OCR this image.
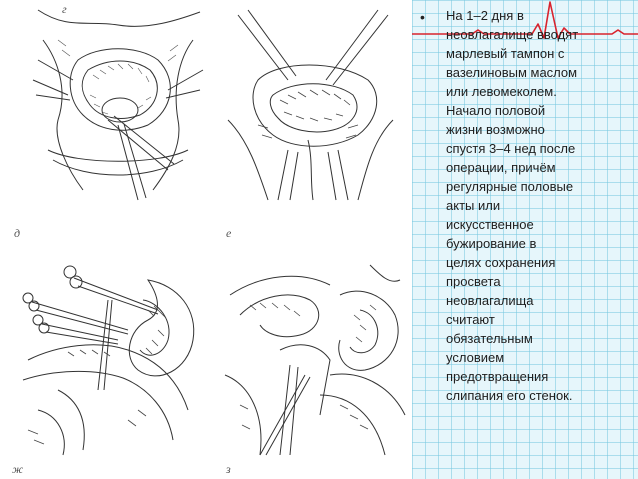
г
д	е
ж	з
• На 1–2 дня в
неовлагалище вводят
марлевый тампон с
вазелиновым маслом
или левомеколем.
Начало половой
жизни возможно
спустя 3–4 нед после
операции, причём
регулярные половые
акты или
искусственное
бужирование в
целях сохранения
просвета
неовлагалища
считают
обязательным
условием
предотвращения
слипания его стенок.
